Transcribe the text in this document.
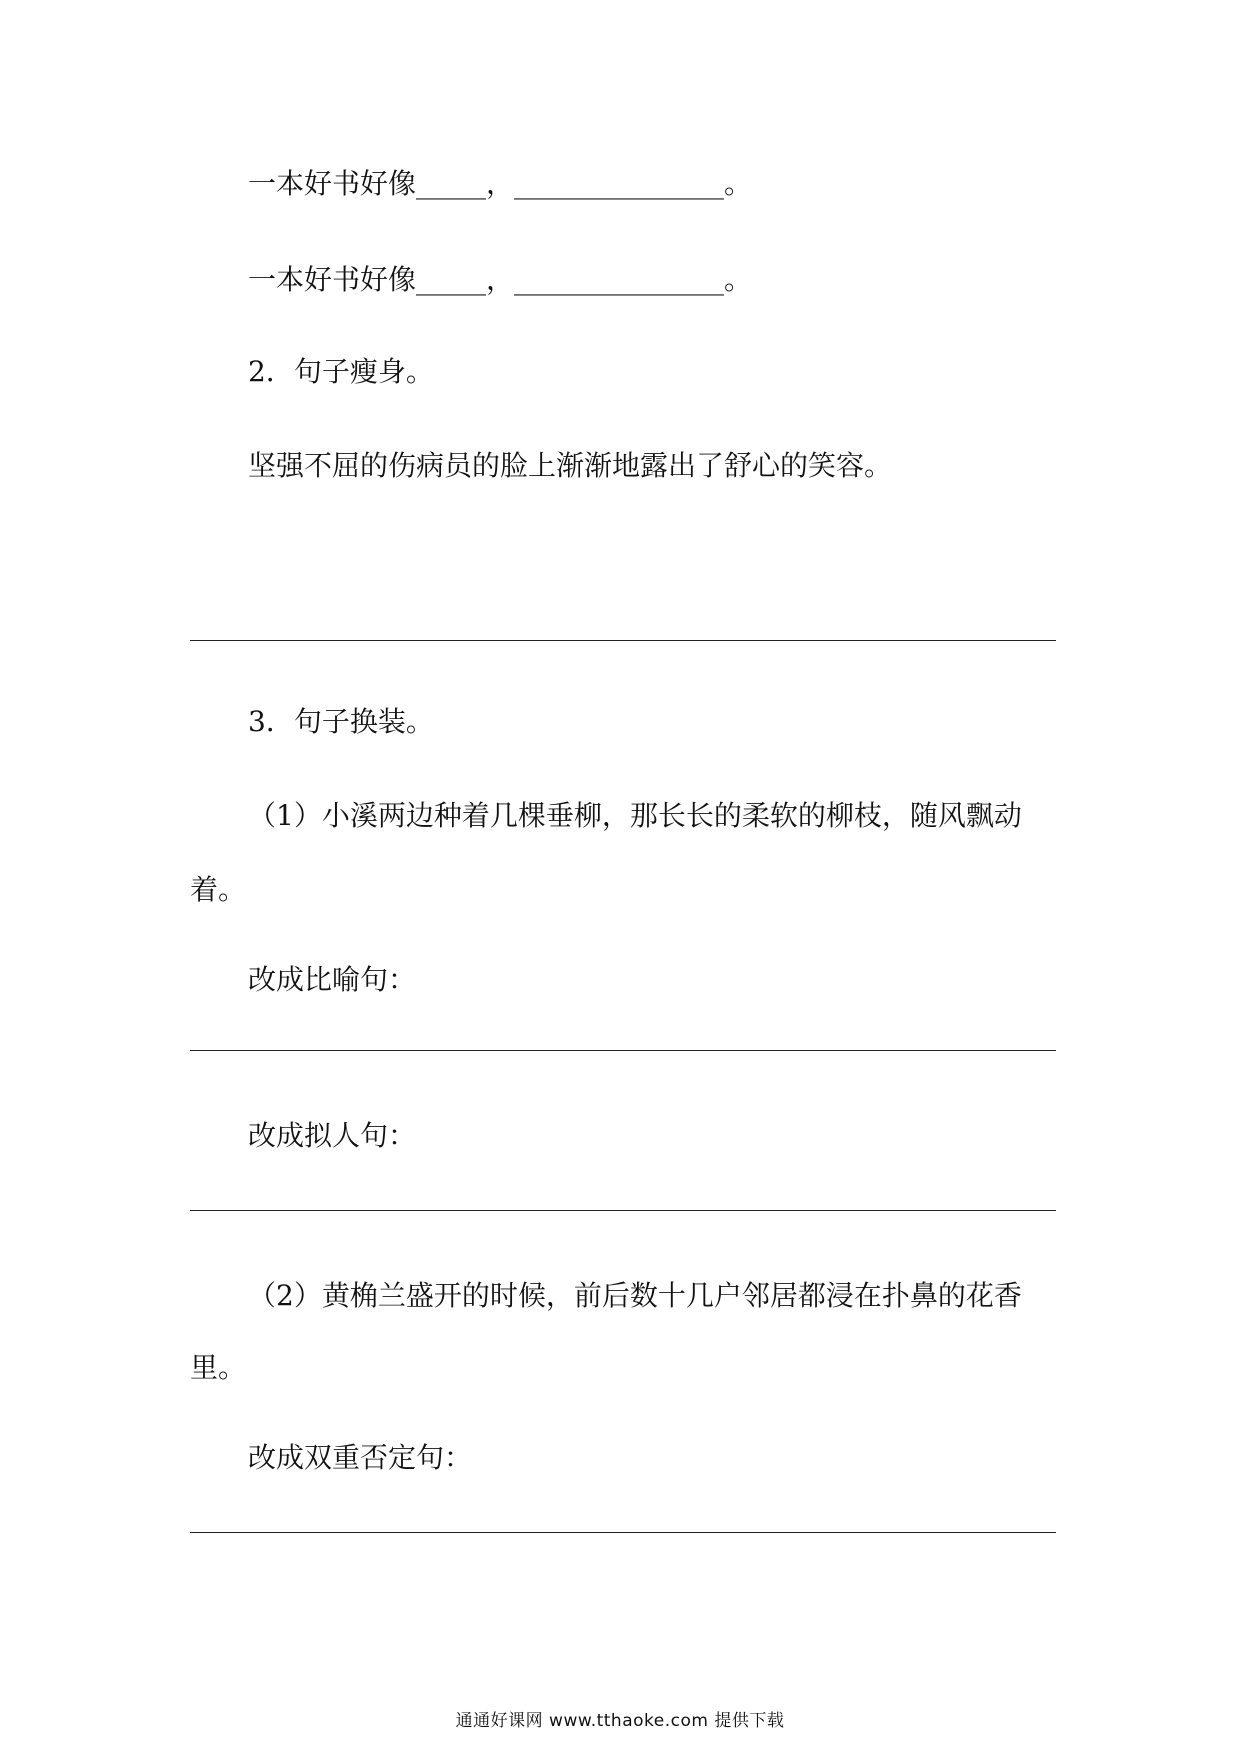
一本好书好像_____，_______________。
一本好书好像_____，_______________。
2．句子瘦身。
坚强不屈的伤病员的脸上渐渐地露出了舒心的笑容。
3．句子换装。
（1）小溪两边种着几棵垂柳，那长长的柔软的柳枝，随风飘动
着。
改成比喻句：
改成拟人句：
（2）黄桷兰盛开的时候，前后数十几户邻居都浸在扑鼻的花香
里。
改成双重否定句：
通通好课网 www.tthaoke.com 提供下载
